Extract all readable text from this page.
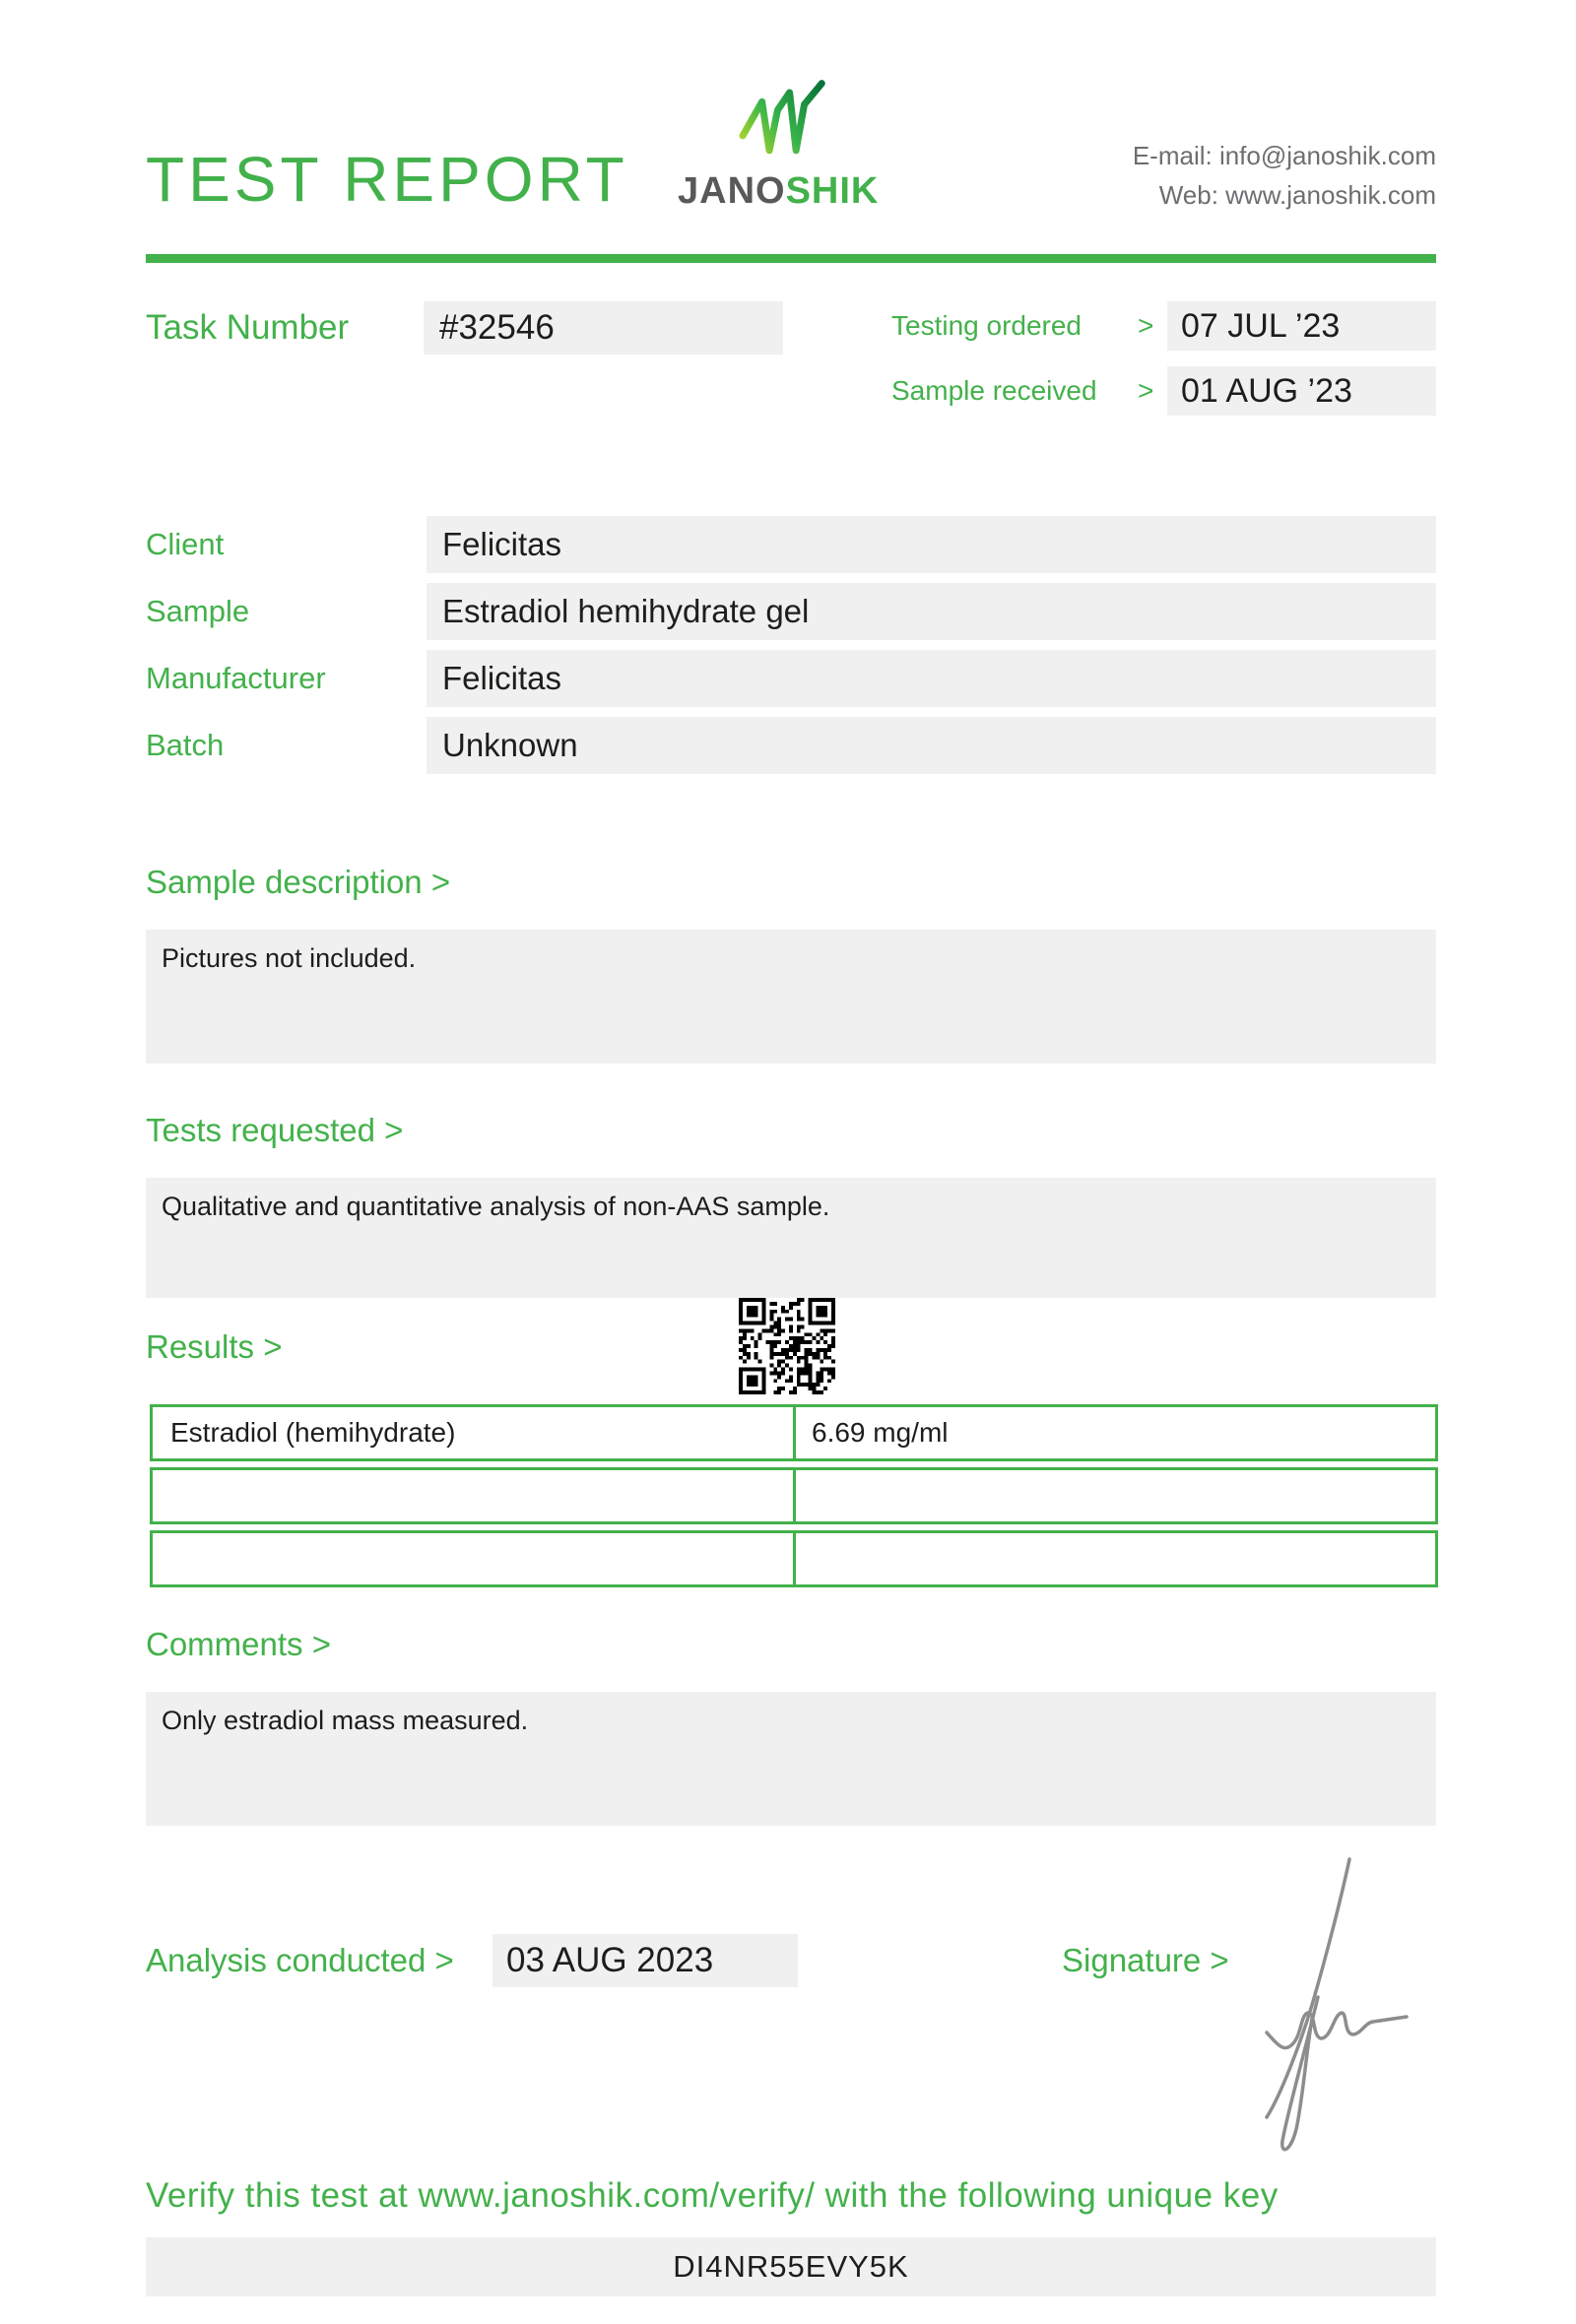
TEST REPORT JANOSHIK
E-mail: info@janoshik.com
Web: www.janoshik.com
Task Number	#32546	Testing ordered	> 07 JUL ’23
Sample received	> 01 AUG ’23
Client	Felicitas
Sample	Estradiol hemihydrate gel
Manufacturer	Felicitas
Batch	Unknown
Sample description >
Pictures not included.
Tests requested >
Qualitative and quantitative analysis of non-AAS sample.
Results >
Estradiol (hemihydrate)	6.69 mg/ml
Comments >
Only estradiol mass measured.
Analysis conducted >	03 AUG 2023	Signature >
Verify this test at www.janoshik.com/verify/ with the following unique key
DI4NR55EVY5K
